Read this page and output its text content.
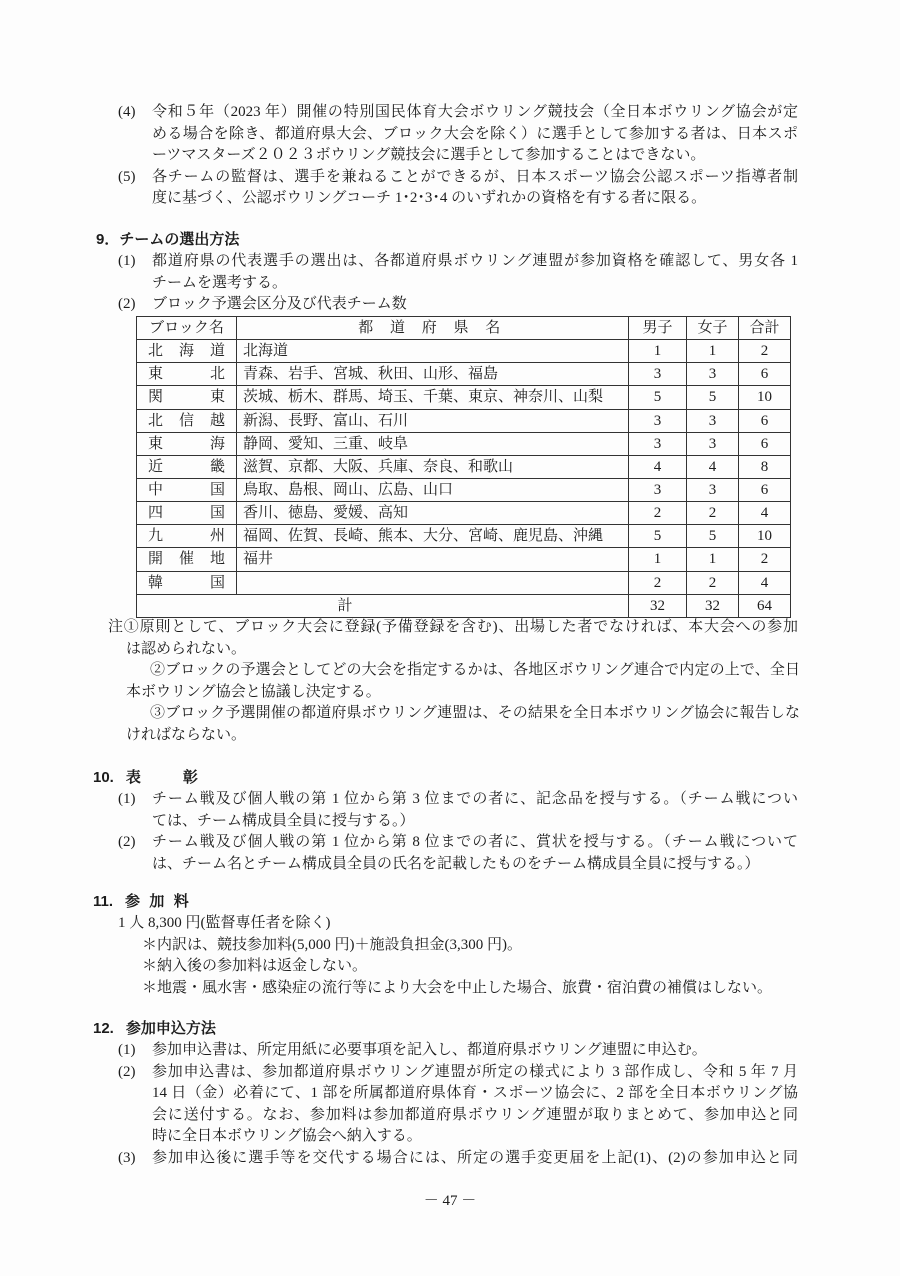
(4) 令和５年（2023 年）開催の特別国民体育大会ボウリング競技会（全日本ボウリング協会が定
める場合を除き、都道府県大会、ブロック大会を除く）に選手として参加する者は、日本スポ
ーツマスターズ２０２３ボウリング競技会に選手として参加することはできない。
(5) 各チームの監督は、選手を兼ねることができるが、日本スポーツ協会公認スポーツ指導者制
度に基づく、公認ボウリングコーチ 1･2･3･4 のいずれかの資格を有する者に限る。
9．チームの選出方法
(1) 都道府県の代表選手の選出は、各都道府県ボウリング連盟が参加資格を確認して、男女各 1
チームを選考する。
(2) ブロック予選会区分及び代表チーム数
ブロック名	都 道 府 県 名	男子	女子	合計
北海道	北海道	1	1	2
東北	青森、岩手、宮城、秋田、山形、福島	3	3	6
関東	茨城、栃木、群馬、埼玉、千葉、東京、神奈川、山梨	5	5	10
北信越	新潟、長野、富山、石川	3	3	6
東海	静岡、愛知、三重、岐阜	3	3	6
近畿	滋賀、京都、大阪、兵庫、奈良、和歌山	4	4	8
中国	鳥取、島根、岡山、広島、山口	3	3	6
四国	香川、徳島、愛媛、高知	2	2	4
九州	福岡、佐賀、長崎、熊本、大分、宮崎、鹿児島、沖縄	5	5	10
開催地	福井	1	1	2
韓国		2	2	4
計		32	32	64
注①原則として、ブロック大会に登録(予備登録を含む)、出場した者でなければ、本大会への参加
は認められない。
②ブロックの予選会としてどの大会を指定するかは、各地区ボウリング連合で内定の上で、全日
本ボウリング協会と協議し決定する。
③ブロック予選開催の都道府県ボウリング連盟は、その結果を全日本ボウリング協会に報告しな
ければならない。
10. 表　　彰
(1) チーム戦及び個人戦の第 1 位から第 3 位までの者に、記念品を授与する。（チーム戦につい
ては、チーム構成員全員に授与する。）
(2) チーム戦及び個人戦の第 1 位から第 8 位までの者に、賞状を授与する。（チーム戦について
は、チーム名とチーム構成員全員の氏名を記載したものをチーム構成員全員に授与する。）
11. 参 加 料
1 人 8,300 円(監督専任者を除く)
＊内訳は、競技参加料(5,000 円)＋施設負担金(3,300 円)。
＊納入後の参加料は返金しない。
＊地震・風水害・感染症の流行等により大会を中止した場合、旅費・宿泊費の補償はしない。
12. 参加申込方法
(1) 参加申込書は、所定用紙に必要事項を記入し、都道府県ボウリング連盟に申込む。
(2) 参加申込書は、参加都道府県ボウリング連盟が所定の様式により 3 部作成し、令和 5 年 7 月
14 日（金）必着にて、1 部を所属都道府県体育・スポーツ協会に、2 部を全日本ボウリング協
会に送付する。なお、参加料は参加都道府県ボウリング連盟が取りまとめて、参加申込と同
時に全日本ボウリング協会へ納入する。
(3) 参加申込後に選手等を交代する場合には、所定の選手変更届を上記(1)、(2)の参加申込と同
－ 47 －
